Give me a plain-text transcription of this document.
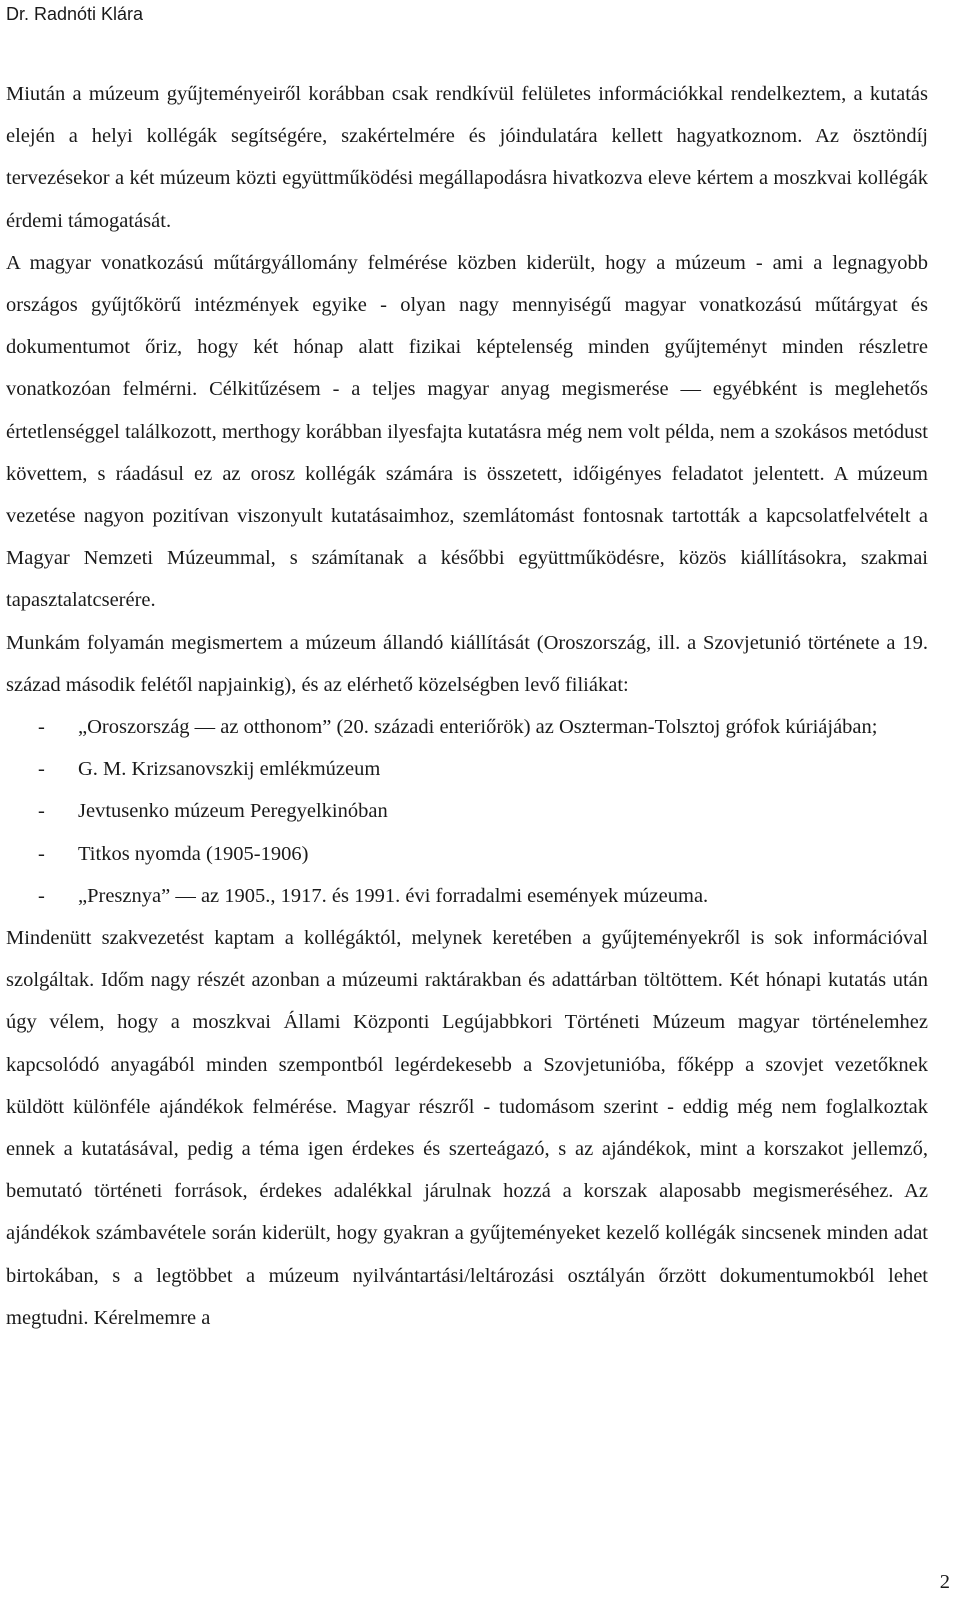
Dr. Radnóti Klára

Miután a múzeum gyűjteményeiről korábban csak rendkívül felületes információkkal rendelkeztem, a kutatás elején a helyi kollégák segítségére, szakértelmére és jóindulatára kellett hagyatkoznom. Az ösztöndíj tervezésekor a két múzeum közti együttműködési megállapodásra hivatkozva eleve kértem a moszkvai kollégák érdemi támogatását.

A magyar vonatkozású műtárgyállomány felmérése közben kiderült, hogy a múzeum - ami a legnagyobb országos gyűjtőkörű intézmények egyike - olyan nagy mennyiségű magyar vonatkozású műtárgyat és dokumentumot őriz, hogy két hónap alatt fizikai képtelenség minden gyűjteményt minden részletre vonatkozóan felmérni. Célkitűzésem - a teljes magyar anyag megismerése — egyébként is meglehetős értetlenséggel találkozott, merthogy korábban ilyesfajta kutatásra még nem volt példa, nem a szokásos metódust követtem, s ráadásul ez az orosz kollégák számára is összetett, időigényes feladatot jelentett. A múzeum vezetése nagyon pozitívan viszonyult kutatásaimhoz, szemlátomást fontosnak tartották a kapcsolatfelvételt a Magyar Nemzeti Múzeummal, s számítanak a későbbi együttműködésre, közös kiállításokra, szakmai tapasztalatcserére.

Munkám folyamán megismertem a múzeum állandó kiállítását (Oroszország, ill. a Szovjetunió története a 19. század második felétől napjainkig), és az elérhető közelségben levő filiákat:

- „Oroszország — az otthonom” (20. századi enteriőrök) az Oszterman-Tolsztoj grófok kúriájában;
- G. M. Krizsanovszkij emlékmúzeum
- Jevtusenko múzeum Peregyelkinóban
- Titkos nyomda (1905-1906)
- „Presznya” — az 1905., 1917. és 1991. évi forradalmi események múzeuma.

Mindenütt szakvezetést kaptam a kollégáktól, melynek keretében a gyűjteményekről is sok információval szolgáltak. Időm nagy részét azonban a múzeumi raktárakban és adattárban töltöttem. Két hónapi kutatás után úgy vélem, hogy a moszkvai Állami Központi Legújabbkori Történeti Múzeum magyar történelemhez kapcsolódó anyagából minden szempontból legérdekesebb a Szovjetunióba, főképp a szovjet vezetőknek küldött különféle ajándékok felmérése. Magyar részről - tudomásom szerint - eddig még nem foglalkoztak ennek a kutatásával, pedig a téma igen érdekes és szerteágazó, s az ajándékok, mint a korszakot jellemző, bemutató történeti források, érdekes adalékkal járulnak hozzá a korszak alaposabb megismeréséhez. Az ajándékok számbavétele során kiderült, hogy gyakran a gyűjteményeket kezelő kollégák sincsenek minden adat birtokában, s a legtöbbet a múzeum nyilvántartási/leltározási osztályán őrzött dokumentumokból lehet megtudni. Kérelmemre a

2
